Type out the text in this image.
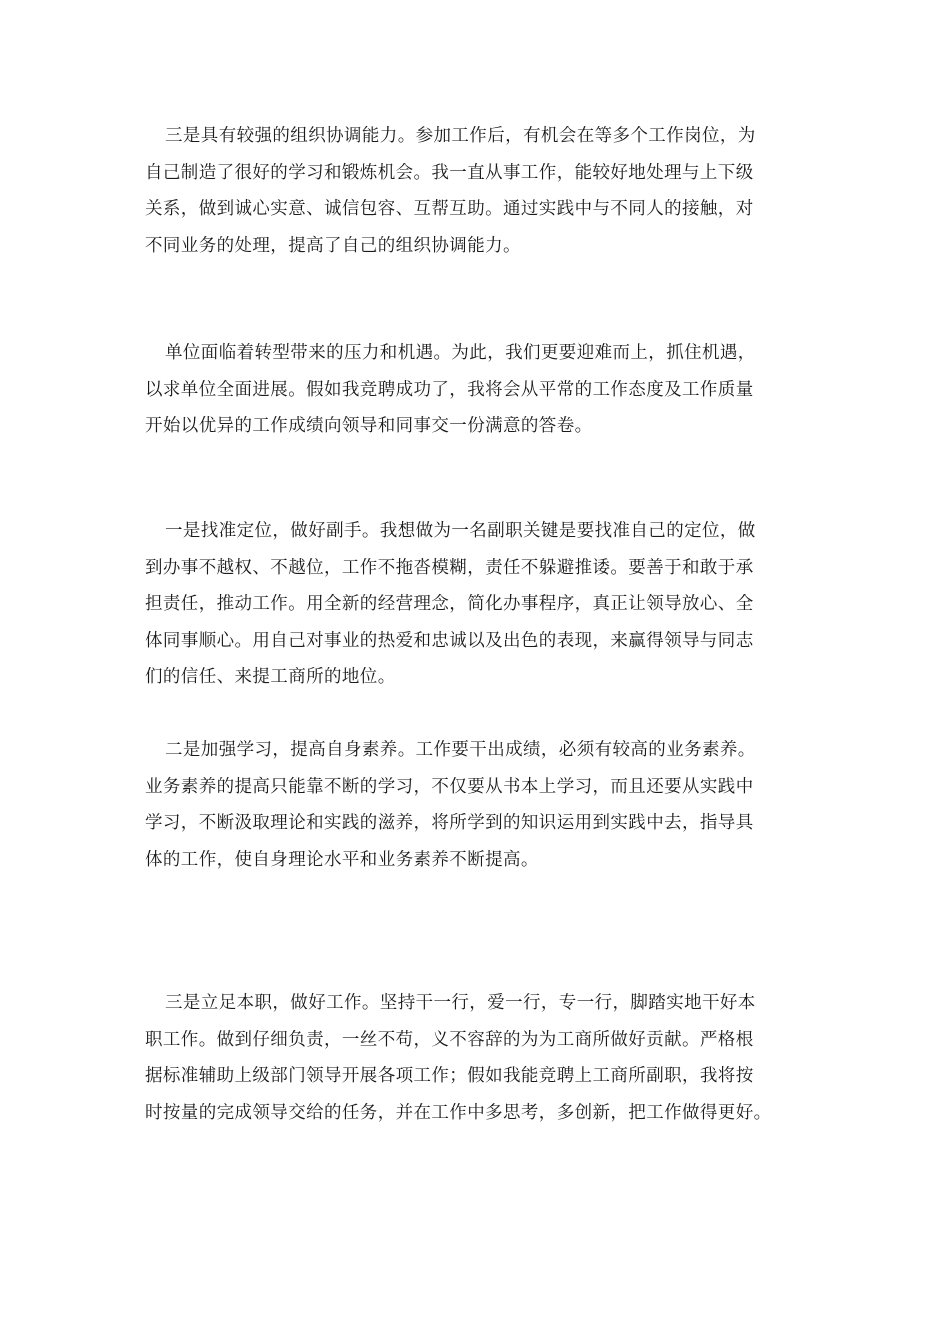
三是具有较强的组织协调能力。参加工作后，有机会在等多个工作岗位，为
自己制造了很好的学习和锻炼机会。我一直从事工作，能较好地处理与上下级
关系，做到诚心实意、诚信包容、互帮互助。通过实践中与不同人的接触，对
不同业务的处理，提高了自己的组织协调能力。
单位面临着转型带来的压力和机遇。为此，我们更要迎难而上，抓住机遇，
以求单位全面进展。假如我竞聘成功了，我将会从平常的工作态度及工作质量
开始以优异的工作成绩向领导和同事交一份满意的答卷。
一是找准定位，做好副手。我想做为一名副职关键是要找准自己的定位，做
到办事不越权、不越位，工作不拖沓模糊，责任不躲避推诿。要善于和敢于承
担责任，推动工作。用全新的经营理念，简化办事程序，真正让领导放心、全
体同事顺心。用自己对事业的热爱和忠诚以及出色的表现，来赢得领导与同志
们的信任、来提工商所的地位。
二是加强学习，提高自身素养。工作要干出成绩，必须有较高的业务素养。
业务素养的提高只能靠不断的学习，不仅要从书本上学习，而且还要从实践中
学习，不断汲取理论和实践的滋养，将所学到的知识运用到实践中去，指导具
体的工作，使自身理论水平和业务素养不断提高。
三是立足本职，做好工作。坚持干一行，爱一行，专一行，脚踏实地干好本
职工作。做到仔细负责，一丝不苟，义不容辞的为为工商所做好贡献。严格根
据标准辅助上级部门领导开展各项工作；假如我能竞聘上工商所副职，我将按
时按量的完成领导交给的任务，并在工作中多思考，多创新，把工作做得更好。
